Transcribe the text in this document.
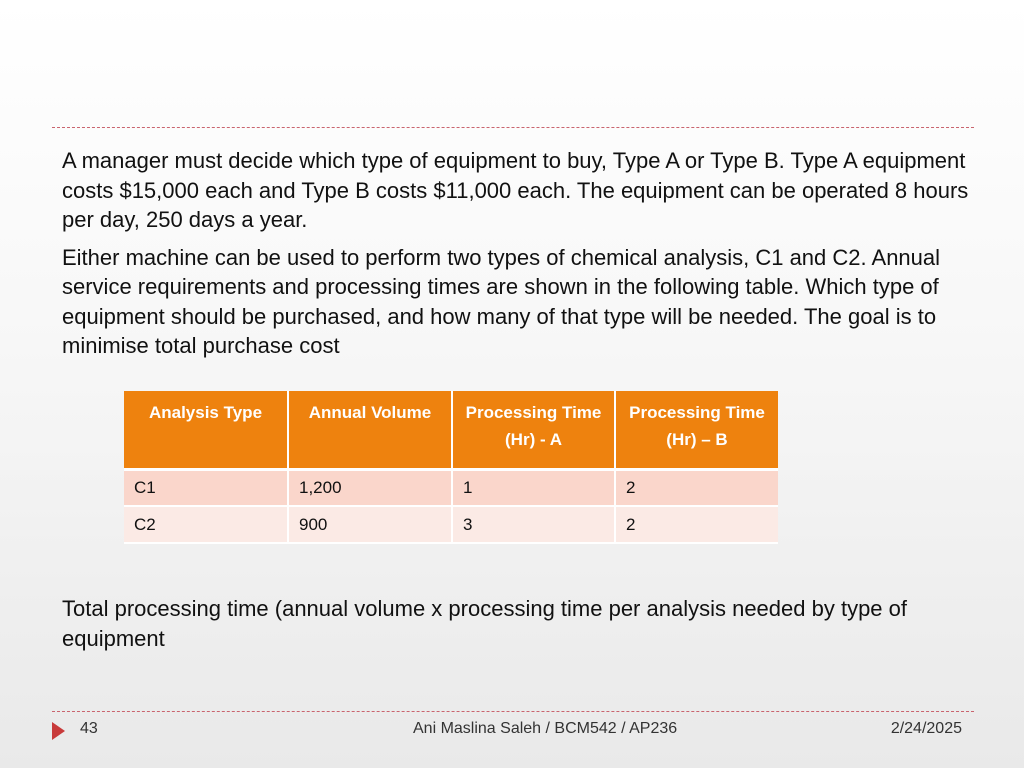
A manager must decide which type of equipment to buy, Type A or Type B. Type A equipment costs $15,000 each and Type B costs $11,000 each. The equipment can be operated 8 hours per day, 250 days a year.

Either machine can be used to perform two types of chemical analysis, C1 and C2. Annual service requirements and processing times are shown in the following table. Which type of equipment should be purchased, and how many of that type will be needed. The goal is to minimise total purchase cost

Analysis Type	Annual Volume	Processing Time (Hr) - A	Processing Time (Hr) – B
C1	1,200	1	2
C2	900	3	2

Total processing time (annual volume x processing time per analysis needed by type of equipment

43	Ani Maslina Saleh / BCM542 / AP236	2/24/2025
